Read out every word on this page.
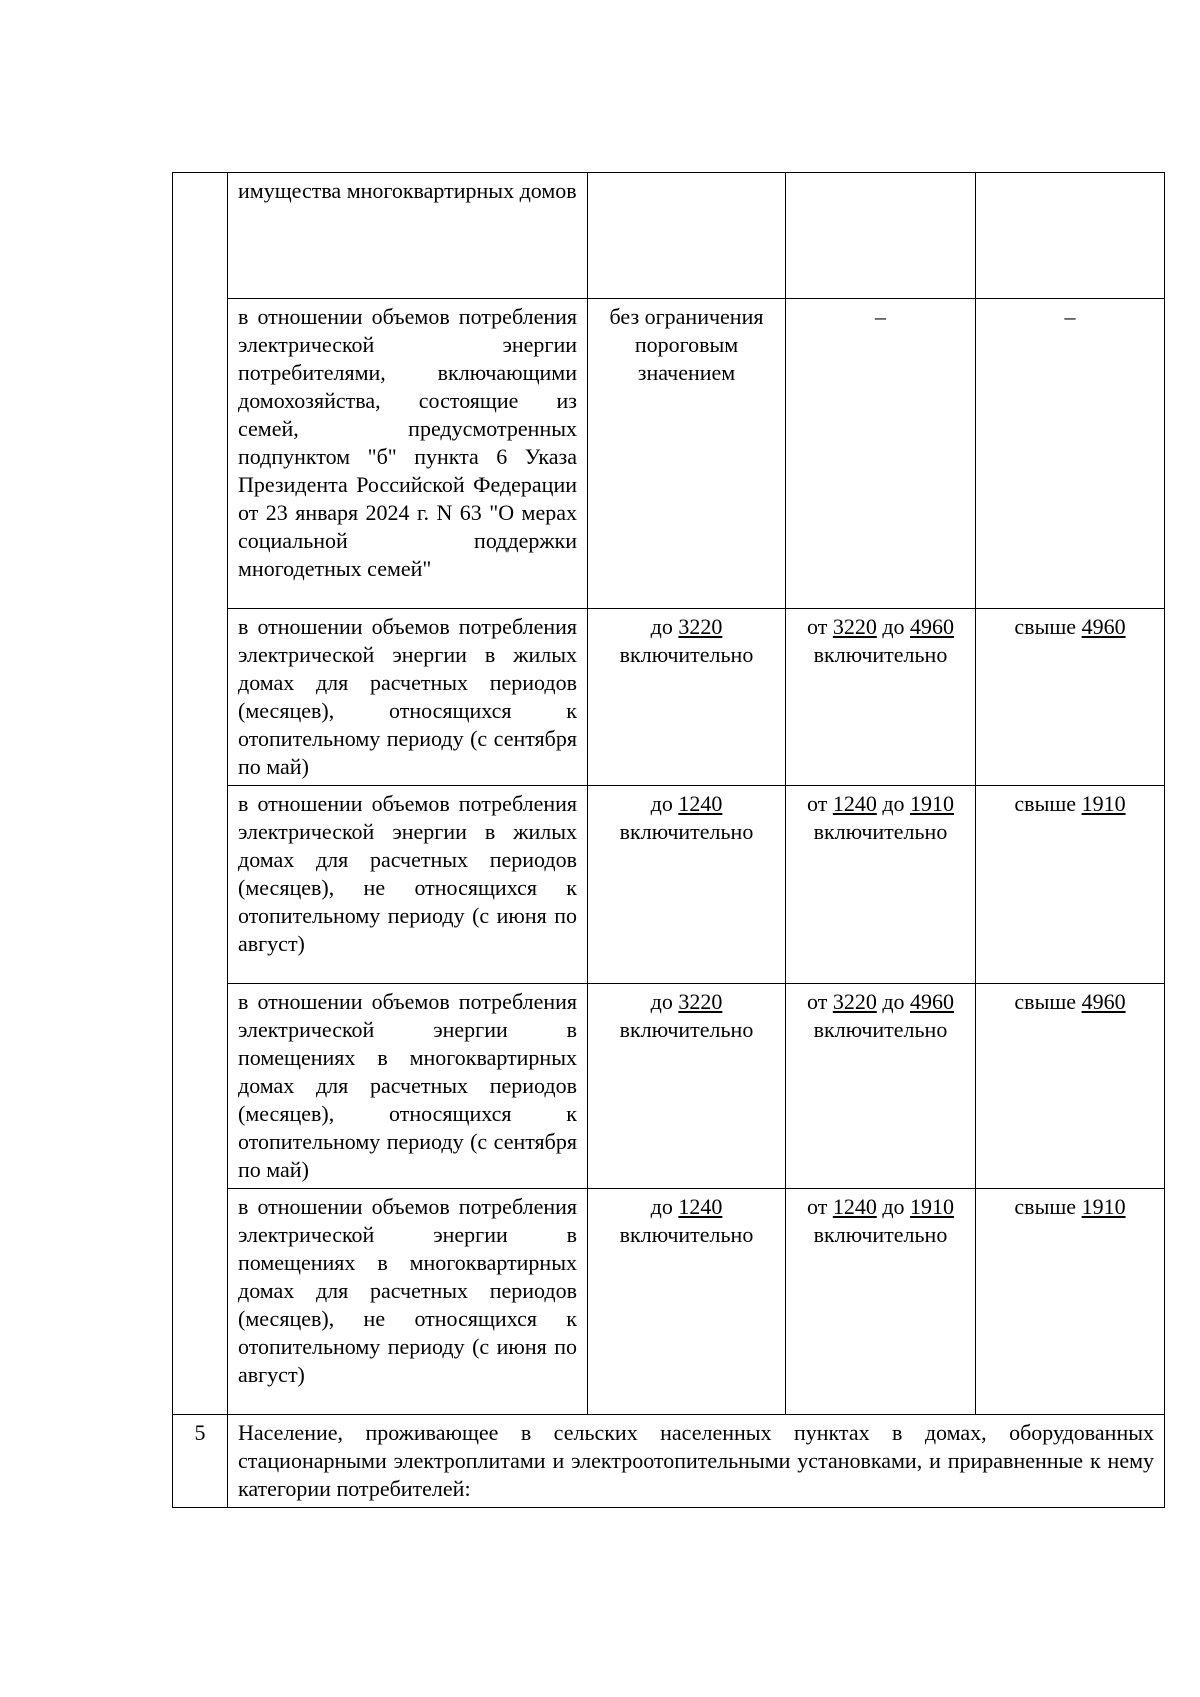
	имущества многоквартирных домов			
	в отношении объемов потребления электрической энергии потребителями, включающими домохозяйства, состоящие из семей, предусмотренных подпунктом "б" пункта 6 Указа Президента Российской Федерации от 23 января 2024 г. N 63 "О мерах социальной поддержки многодетных семей"	без ограничения пороговым значением	–	–
	в отношении объемов потребления электрической энергии в жилых домах для расчетных периодов (месяцев), относящихся к отопительному периоду (с сентября по май)	до 3220 включительно	от 3220 до 4960 включительно	свыше 4960
	в отношении объемов потребления электрической энергии в жилых домах для расчетных периодов (месяцев), не относящихся к отопительному периоду (с июня по август)	до 1240 включительно	от 1240 до 1910 включительно	свыше 1910
	в отношении объемов потребления электрической энергии в помещениях в многоквартирных домах для расчетных периодов (месяцев), относящихся к отопительному периоду (с сентября по май)	до 3220 включительно	от 3220 до 4960 включительно	свыше 4960
	в отношении объемов потребления электрической энергии в помещениях в многоквартирных домах для расчетных периодов (месяцев), не относящихся к отопительному периоду (с июня по август)	до 1240 включительно	от 1240 до 1910 включительно	свыше 1910
5	Население, проживающее в сельских населенных пунктах в домах, оборудованных стационарными электроплитами и электроотопительными установками, и приравненные к нему категории потребителей:			
